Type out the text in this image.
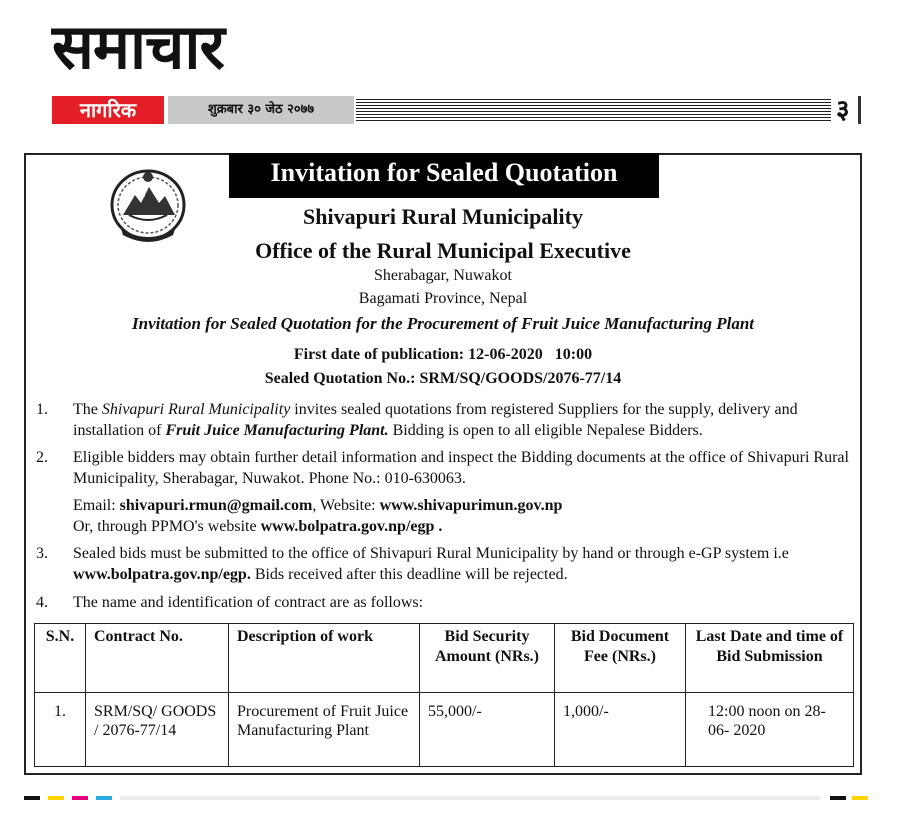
समाचार
नागरिक	शुक्रबार ३० जेठ २०७७	३
Invitation for Sealed Quotation
Shivapuri Rural Municipality
Office of the Rural Municipal Executive
Sherabagar, Nuwakot
Bagamati Province, Nepal
Invitation for Sealed Quotation for the Procurement of Fruit Juice Manufacturing Plant
First date of publication: 12-06-2020   10:00
Sealed Quotation No.: SRM/SQ/GOODS/2076-77/14
1. The Shivapuri Rural Municipality invites sealed quotations from registered Suppliers for the supply, delivery and installation of Fruit Juice Manufacturing Plant. Bidding is open to all eligible Nepalese Bidders.
2. Eligible bidders may obtain further detail information and inspect the Bidding documents at the office of Shivapuri Rural Municipality, Sherabagar, Nuwakot. Phone No.: 010-630063.
Email: shivapuri.rmun@gmail.com, Website: www.shivapurimun.gov.np
Or, through PPMO's website www.bolpatra.gov.np/egp .
3. Sealed bids must be submitted to the office of Shivapuri Rural Municipality by hand or through e-GP system i.e www.bolpatra.gov.np/egp. Bids received after this deadline will be rejected.
4. The name and identification of contract are as follows:
S.N.	Contract No.	Description of work	Bid Security Amount (NRs.)	Bid Document Fee (NRs.)	Last Date and time of Bid Submission
1.	SRM/SQ/ GOODS / 2076-77/14	Procurement of Fruit Juice Manufacturing Plant	55,000/-	1,000/-	12:00 noon on 28-06- 2020
